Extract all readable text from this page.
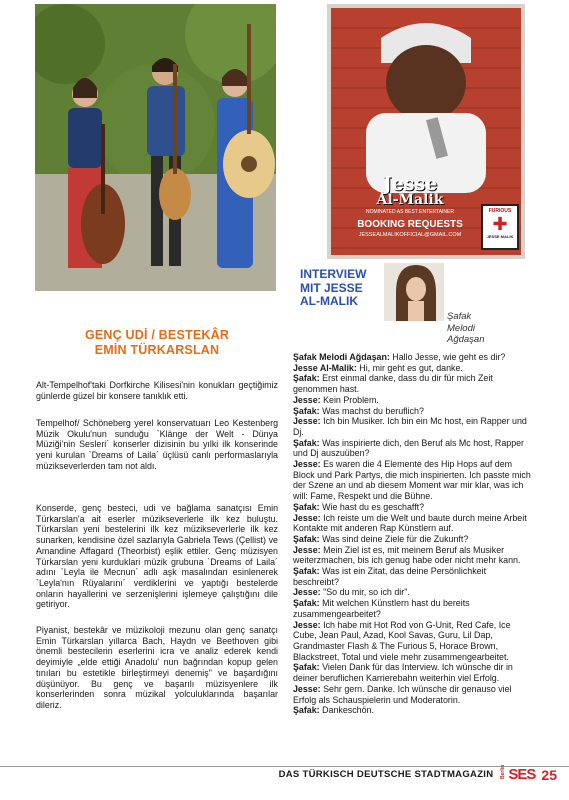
Jesse
Al-Malik
NOMINATED AS BEST ENTERTAINER
BOOKING REQUESTS
JESSEALMALIKOFFICIAL@GMAIL.COM
FURIOUS
✚
JESSE MALIK
GENÇ UDİ / BESTEKÂR
EMİN TÜRKARSLAN

Alt-Tempelhof'taki Dorfkirche Kilisesi'nin konukları geçtiğimiz günlerde güzel bir konsere tanıklık etti.

Tempelhof/ Schöneberg yerel konservatuarı Leo Kestenberg Müzik Okulu'nun sunduğu `Klänge der Welt - Dünya Müziği'nin Sesleri´ konserler dizisinin bu yılki ilk konserinde yeni kurulan `Dreams of Laila´ üçlüsü canlı performaslarıyla müzikseverlerden tam not aldı.

Konserde, genç besteci, udi ve bağlama sanatçısı Emin Türkarslan'a ait eserler müzikseverlerle ilk kez buluştu. Türkarslan yeni bestelerini ilk kez müzikseverlerle ilk kez sunarken, kendisine özel sazlarıyla Gabriela Tews (Çellist) ve Amandine Affagard (Theorbist) eşlik ettiler. Genç müzisyen Türkarslan yeni kurduklari müzik grubuna `Dreams of Laila´ adını `Leyla ile Mecnun´ adlı aşk masalından esinlenerek `Leyla'nın Rüyalarını´ verdiklerini ve yaptığı bestelerde onların hayallerini ve serzenişlerini işlemeye çalıştığını dile getiriyor.

Piyanist, bestekâr ve müzikoloji mezunu olan genç sanatçı Emin Türkarslan yıllarca Bach, Haydn ve Beethoven gibi önemli bestecilerin eserlerini icra ve analiz ederek kendi deyimiyle „elde ettiği Anadolu' nun bağrından kopup gelen tınıları bu estetikle birleştirmeyi denemiş" ve başardığını düşünüyor. Bu genç ve başarılı müzisyenlere ilk konserlerinden sonra müzikal yolculuklarında başarılar dileriz.

INTERVIEW
MIT JESSE
AL-MALIK
Şafak
Melodi
Ağdaşan

Şafak Melodi Ağdaşan: Hallo Jesse, wie geht es dir?

Jesse Al-Malik: Hi, mir geht es gut, danke.

Şafak: Erst einmal danke, dass du dir für mich Zeit genommen hast.

Jesse: Kein Problem.

Şafak: Was machst du beruflich?

Jesse: Ich bin Musiker. Ich bin ein Mc host, ein Rapper und Dj.

Şafak: Was inspirierte dich, den Beruf als Mc host, Rapper und Dj auszuüben?

Jesse: Es waren die 4 Elemente des Hip Hops auf dem Block und Park Partys, die mich inspirierten. Ich passte mich der Szene an und ab diesem Moment war mir klar, was ich will: Fame, Respekt und die Bühne.

Şafak: Wie hast du es geschafft?

Jesse: Ich reiste um die Welt und baute durch meine Arbeit Kontakte mit anderen Rap Künstlern auf.

Şafak: Was sind deine Ziele für die Zukunft?

Jesse: Mein Ziel ist es, mit meinem Beruf als Musiker weiterzmachen, bis ich genug habe oder nicht mehr kann.

Şafak: Was ist ein Zitat, das deine Persönlichkeit beschreibt?

Jesse: "So du mir, so ich dir".

Şafak: Mit welchen Künstlern hast du bereits zusammengearbeitet?

Jesse: Ich habe mit Hot Rod von G-Unit, Red Cafe, Ice Cube, Jean Paul, Azad, Kool Savas, Guru, Lil Dap, Grandmaster Flash & The Furious 5, Horace Brown, Blackstreet, Total und viele mehr zusammengearbeitet.

Şafak: Vielen Dank für das Interview. Ich wünsche dir in deiner beruflichen Karrierebahn weiterhin viel Erfolg.

Jesse: Sehr gern. Danke. Ich wünsche dir genauso viel Erfolg als Schauspielerin und Moderatorin.

Şafak: Dankeschön.

DAS TÜRKISCH DEUTSCHE STADTMAGAZIN Berlin SES 25
